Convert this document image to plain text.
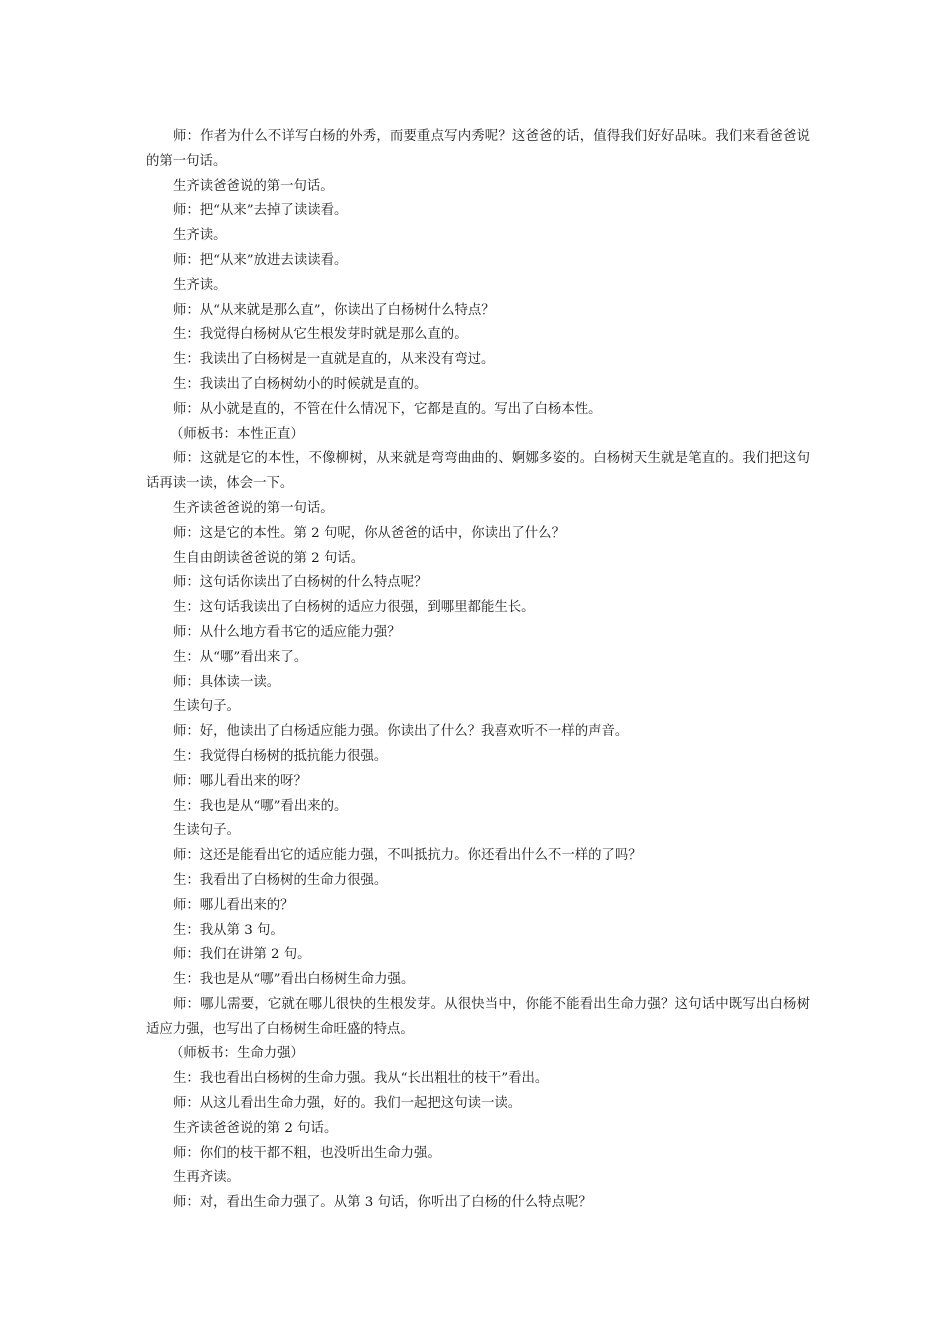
师：作者为什么不详写白杨的外秀，而要重点写内秀呢？这爸爸的话，值得我们好好品味。我们来看爸爸说的第一句话。

生齐读爸爸说的第一句话。

师：把“从来”去掉了读读看。

生齐读。

师：把“从来”放进去读读看。

生齐读。

师：从“从来就是那么直”，你读出了白杨树什么特点？

生：我觉得白杨树从它生根发芽时就是那么直的。

生：我读出了白杨树是一直就是直的，从来没有弯过。

生：我读出了白杨树幼小的时候就是直的。

师：从小就是直的，不管在什么情况下，它都是直的。写出了白杨本性。

（师板书：本性正直）

师：这就是它的本性，不像柳树，从来就是弯弯曲曲的、婀娜多姿的。白杨树天生就是笔直的。我们把这句话再读一读，体会一下。

生齐读爸爸说的第一句话。

师：这是它的本性。第 2 句呢，你从爸爸的话中，你读出了什么？

生自由朗读爸爸说的第 2 句话。

师：这句话你读出了白杨树的什么特点呢？

生：这句话我读出了白杨树的适应力很强，到哪里都能生长。

师：从什么地方看书它的适应能力强？

生：从“哪”看出来了。

师：具体读一读。

生读句子。

师：好，他读出了白杨适应能力强。你读出了什么？我喜欢听不一样的声音。

生：我觉得白杨树的抵抗能力很强。

师：哪儿看出来的呀？

生：我也是从“哪”看出来的。

生读句子。

师：这还是能看出它的适应能力强，不叫抵抗力。你还看出什么不一样的了吗？

生：我看出了白杨树的生命力很强。

师：哪儿看出来的？

生：我从第 3 句。

师：我们在讲第 2 句。

生：我也是从“哪”看出白杨树生命力强。

师：哪儿需要，它就在哪儿很快的生根发芽。从很快当中，你能不能看出生命力强？这句话中既写出白杨树适应力强，也写出了白杨树生命旺盛的特点。

（师板书：生命力强）

生：我也看出白杨树的生命力强。我从“长出粗壮的枝干”看出。

师：从这儿看出生命力强，好的。我们一起把这句读一读。

生齐读爸爸说的第 2 句话。

师：你们的枝干都不粗，也没听出生命力强。

生再齐读。

师：对，看出生命力强了。从第 3 句话，你听出了白杨的什么特点呢？
